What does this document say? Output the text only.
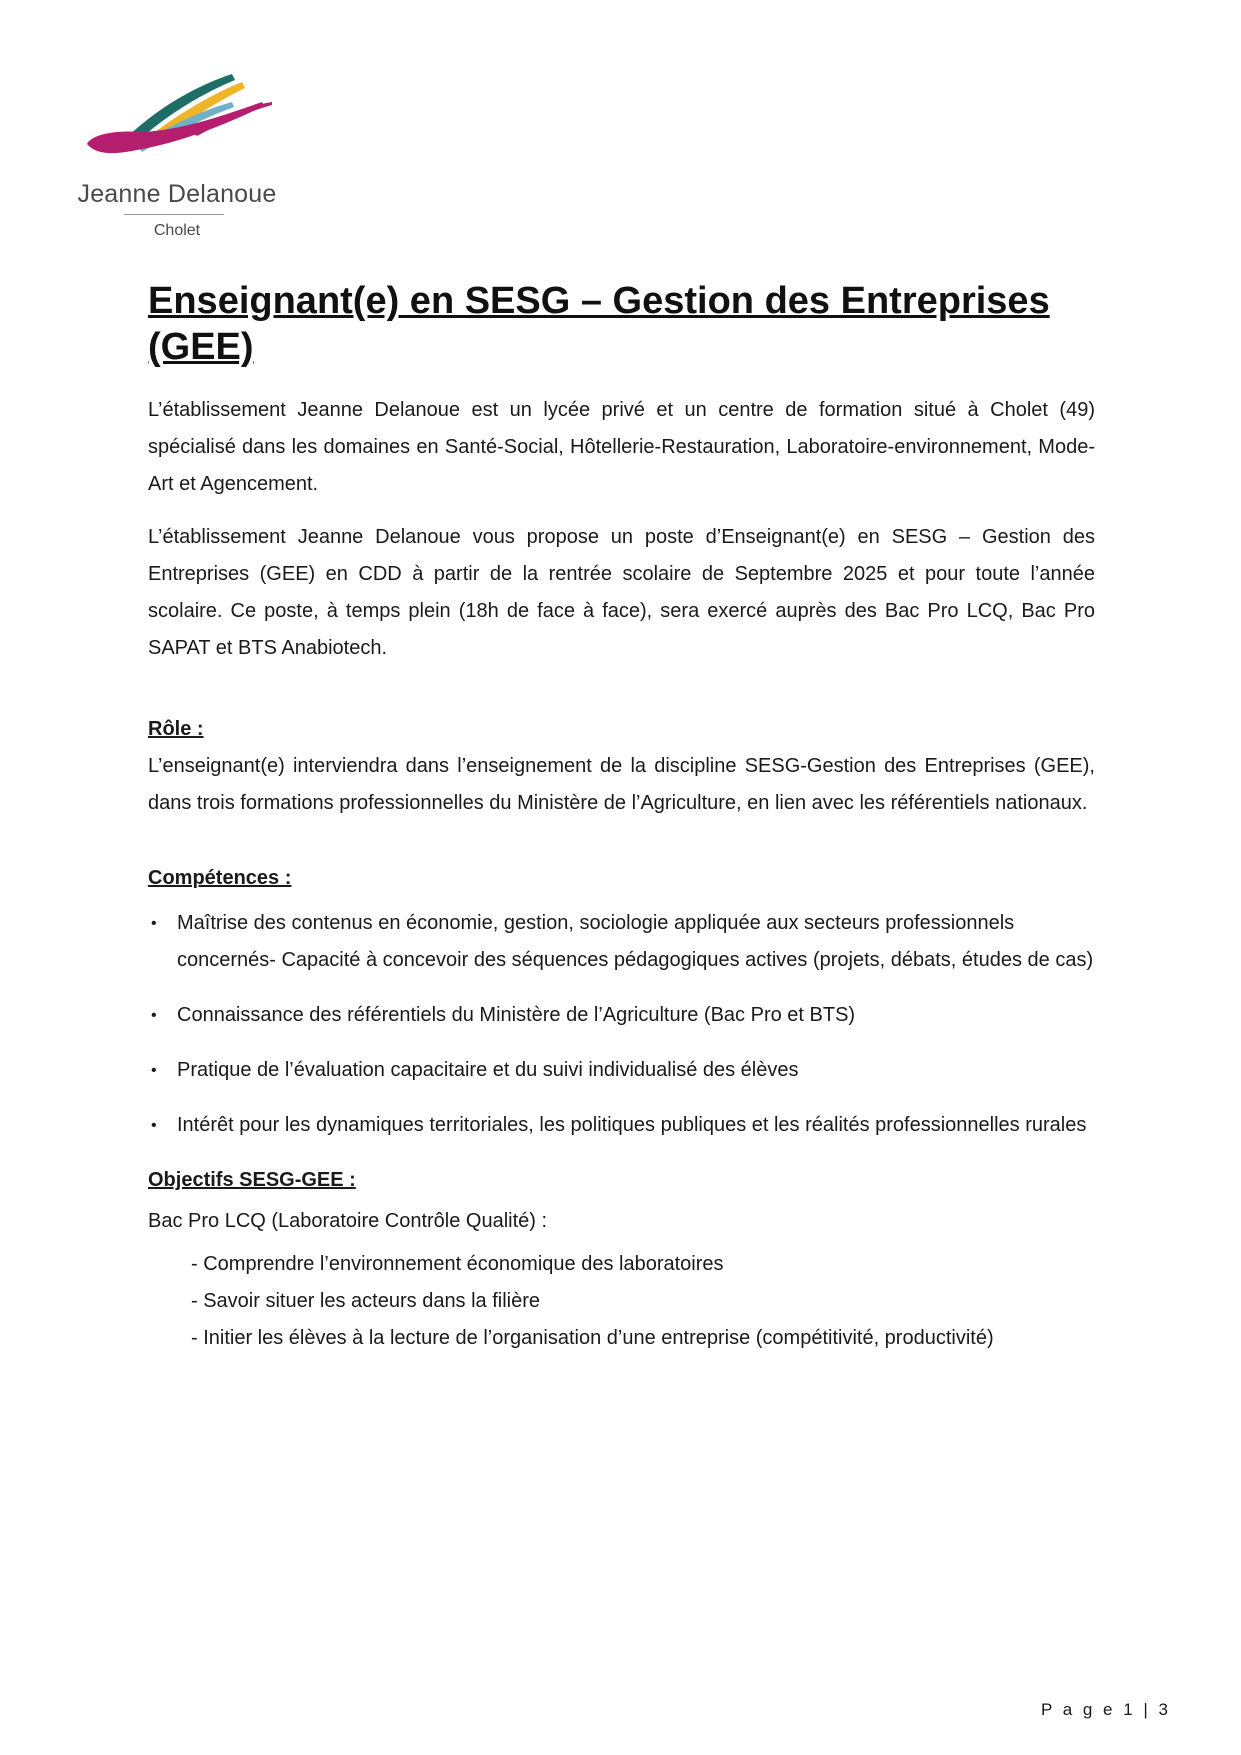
Jeanne Delanoue
Cholet
Enseignant(e) en SESG – Gestion des Entreprises (GEE)

L’établissement Jeanne Delanoue est un lycée privé et un centre de formation situé à Cholet (49) spécialisé dans les domaines en Santé-Social, Hôtellerie-Restauration, Laboratoire-environnement, Mode-Art et Agencement.

L’établissement Jeanne Delanoue vous propose un poste d’Enseignant(e) en SESG – Gestion des Entreprises (GEE) en CDD à partir de la rentrée scolaire de Septembre 2025 et pour toute l’année scolaire. Ce poste, à temps plein (18h de face à face), sera exercé auprès des Bac Pro LCQ, Bac Pro SAPAT et BTS Anabiotech.

Rôle :

L’enseignant(e) interviendra dans l’enseignement de la discipline SESG-Gestion des Entreprises (GEE), dans trois formations professionnelles du Ministère de l’Agriculture, en lien avec les référentiels nationaux.

Compétences :
• Maîtrise des contenus en économie, gestion, sociologie appliquée aux secteurs professionnels concernés- Capacité à concevoir des séquences pédagogiques actives (projets, débats, études de cas)
• Connaissance des référentiels du Ministère de l’Agriculture (Bac Pro et BTS)
• Pratique de l’évaluation capacitaire et du suivi individualisé des élèves
• Intérêt pour les dynamiques territoriales, les politiques publiques et les réalités professionnelles rurales
Objectifs SESG-GEE :
Bac Pro LCQ (Laboratoire Contrôle Qualité) :
- Comprendre l’environnement économique des laboratoires
- Savoir situer les acteurs dans la filière
- Initier les élèves à la lecture de l’organisation d’une entreprise (compétitivité, productivité)
P a g e 1 | 3
